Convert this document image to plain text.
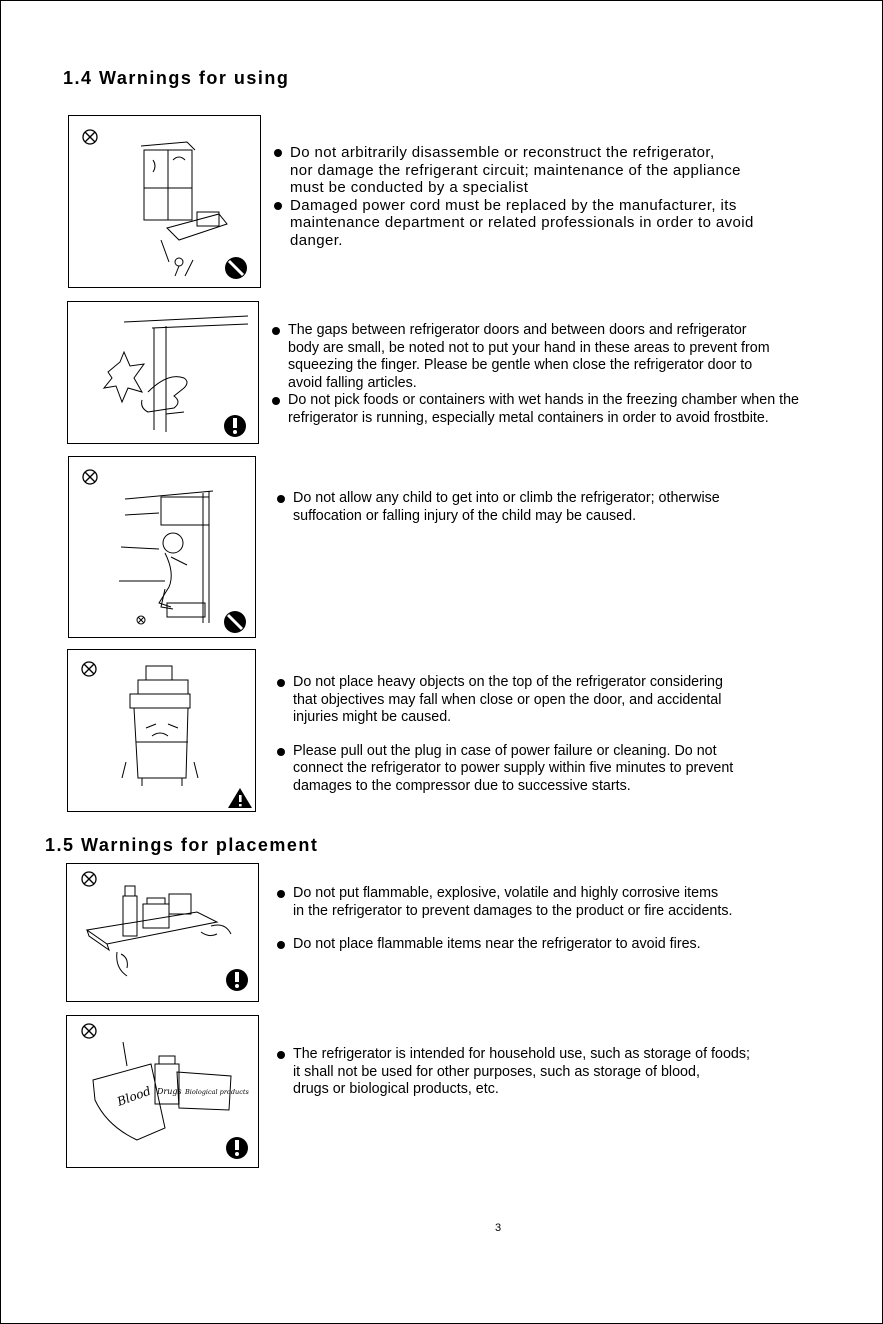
1.4 Warnings for using
Do not arbitrarily disassemble or reconstruct the refrigerator,
nor damage the refrigerant circuit; maintenance of the appliance
must be conducted by a specialist
Damaged power cord must be replaced by the manufacturer, its
maintenance department or related professionals in order to avoid
danger.
The gaps between refrigerator doors and between doors and refrigerator
body are small, be noted not to put your hand in these areas to prevent from
squeezing the finger. Please be gentle when close the refrigerator door to
avoid falling articles.
Do not pick foods or containers with wet hands in the freezing chamber when the
refrigerator is running, especially metal containers in order to avoid frostbite.
Do not allow any child to get into or climb the refrigerator; otherwise
suffocation or falling injury of the child may be caused.
Do not place heavy objects on the top of the refrigerator considering
that objectives may fall when close or open the door, and accidental
injuries might be caused.
Please pull out the plug in case of power failure or cleaning. Do not
connect the refrigerator to power supply within five minutes to prevent
damages to the compressor due to successive starts.
1.5 Warnings for placement
Do not put flammable, explosive, volatile and highly corrosive items
in the refrigerator to prevent damages to the product or fire accidents.
Do not place flammable items near the refrigerator to avoid fires.
Blood Drugs Biological products
The refrigerator is intended for household use, such as storage of foods;
it shall not be used for other purposes, such as storage of blood,
drugs or biological products, etc.
3
